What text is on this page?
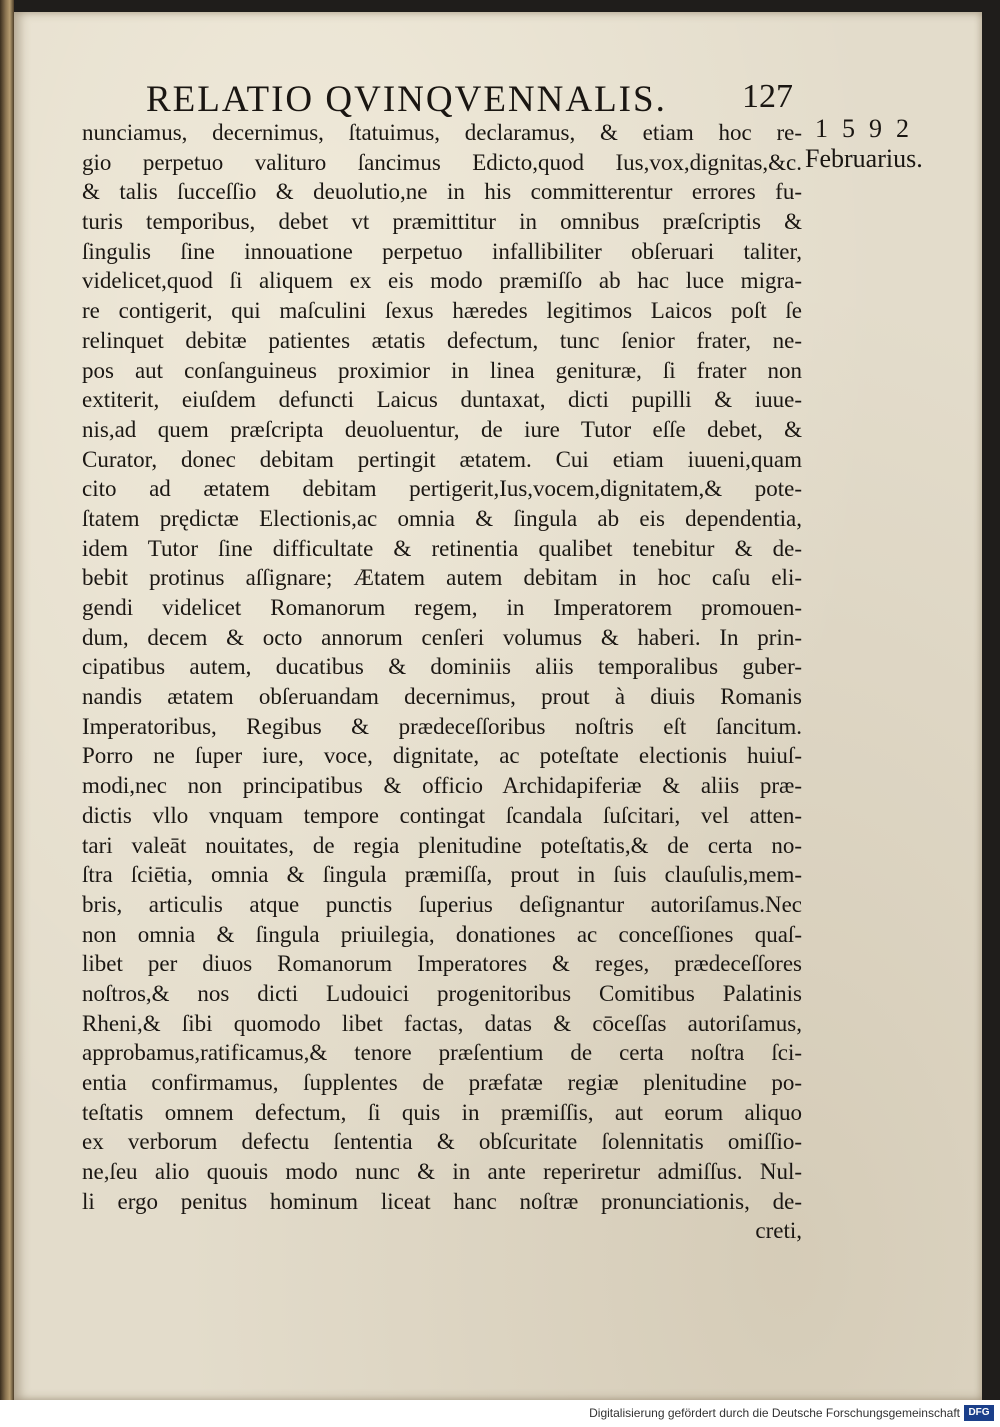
RELATIO QVINQVENNALIS. 127
1592
Februarius.
nunciamus, decernimus, ſtatuimus, declaramus, & etiam hoc re-
gio perpetuo valituro ſancimus Edicto,quod Ius,vox,dignitas,&c.
& talis ſucceſſio & deuolutio,ne in his committerentur errores fu-
turis temporibus, debet vt præmittitur in omnibus præſcriptis &
ſingulis ſine innouatione perpetuo infallibiliter obſeruari taliter,
videlicet,quod ſi aliquem ex eis modo præmiſſo ab hac luce migra-
re contigerit, qui maſculini ſexus hæredes legitimos Laicos poſt ſe
relinquet debitæ patientes ætatis defectum, tunc ſenior frater, ne-
pos aut conſanguineus proximior in linea genituræ, ſi frater non
extiterit, eiuſdem defuncti Laicus duntaxat, dicti pupilli & iuue-
nis,ad quem præſcripta deuoluentur, de iure Tutor eſſe debet, &
Curator, donec debitam pertingit ætatem. Cui etiam iuueni,quam
cito ad ætatem debitam pertigerit,Ius,vocem,dignitatem,& pote-
ſtatem prędictæ Electionis,ac omnia & ſingula ab eis dependentia,
idem Tutor ſine difficultate & retinentia qualibet tenebitur & de-
bebit protinus aſſignare; Ætatem autem debitam in hoc caſu eli-
gendi videlicet Romanorum regem, in Imperatorem promouen-
dum, decem & octo annorum cenſeri volumus & haberi. In prin-
cipatibus autem, ducatibus & dominiis aliis temporalibus guber-
nandis ætatem obſeruandam decernimus, prout à diuis Romanis
Imperatoribus, Regibus & prædeceſſoribus noſtris eſt ſancitum.
Porro ne ſuper iure, voce, dignitate, ac poteſtate electionis huiuſ-
modi,nec non principatibus & officio Archidapiferiæ & aliis præ-
dictis vllo vnquam tempore contingat ſcandala ſuſcitari, vel atten-
tari valeāt nouitates, de regia plenitudine poteſtatis,& de certa no-
ſtra ſciētia, omnia & ſingula præmiſſa, prout in ſuis clauſulis,mem-
bris, articulis atque punctis ſuperius deſignantur autoriſamus.Nec
non omnia & ſingula priuilegia, donationes ac conceſſiones quaſ-
libet per diuos Romanorum Imperatores & reges, prædeceſſores
noſtros,& nos dicti Ludouici progenitoribus Comitibus Palatinis
Rheni,& ſibi quomodo libet factas, datas & cōceſſas autoriſamus,
approbamus,ratificamus,& tenore præſentium de certa noſtra ſci-
entia confirmamus, ſupplentes de præfatæ regiæ plenitudine po-
teſtatis omnem defectum, ſi quis in præmiſſis, aut eorum aliquo
ex verborum defectu ſententia & obſcuritate ſolennitatis omiſſio-
ne,ſeu alio quouis modo nunc & in ante reperiretur admiſſus. Nul-
li ergo penitus hominum liceat hanc noſtræ pronunciationis, de-
creti,
Digitalisierung gefördert durch die Deutsche Forschungsgemeinschaft DFG
